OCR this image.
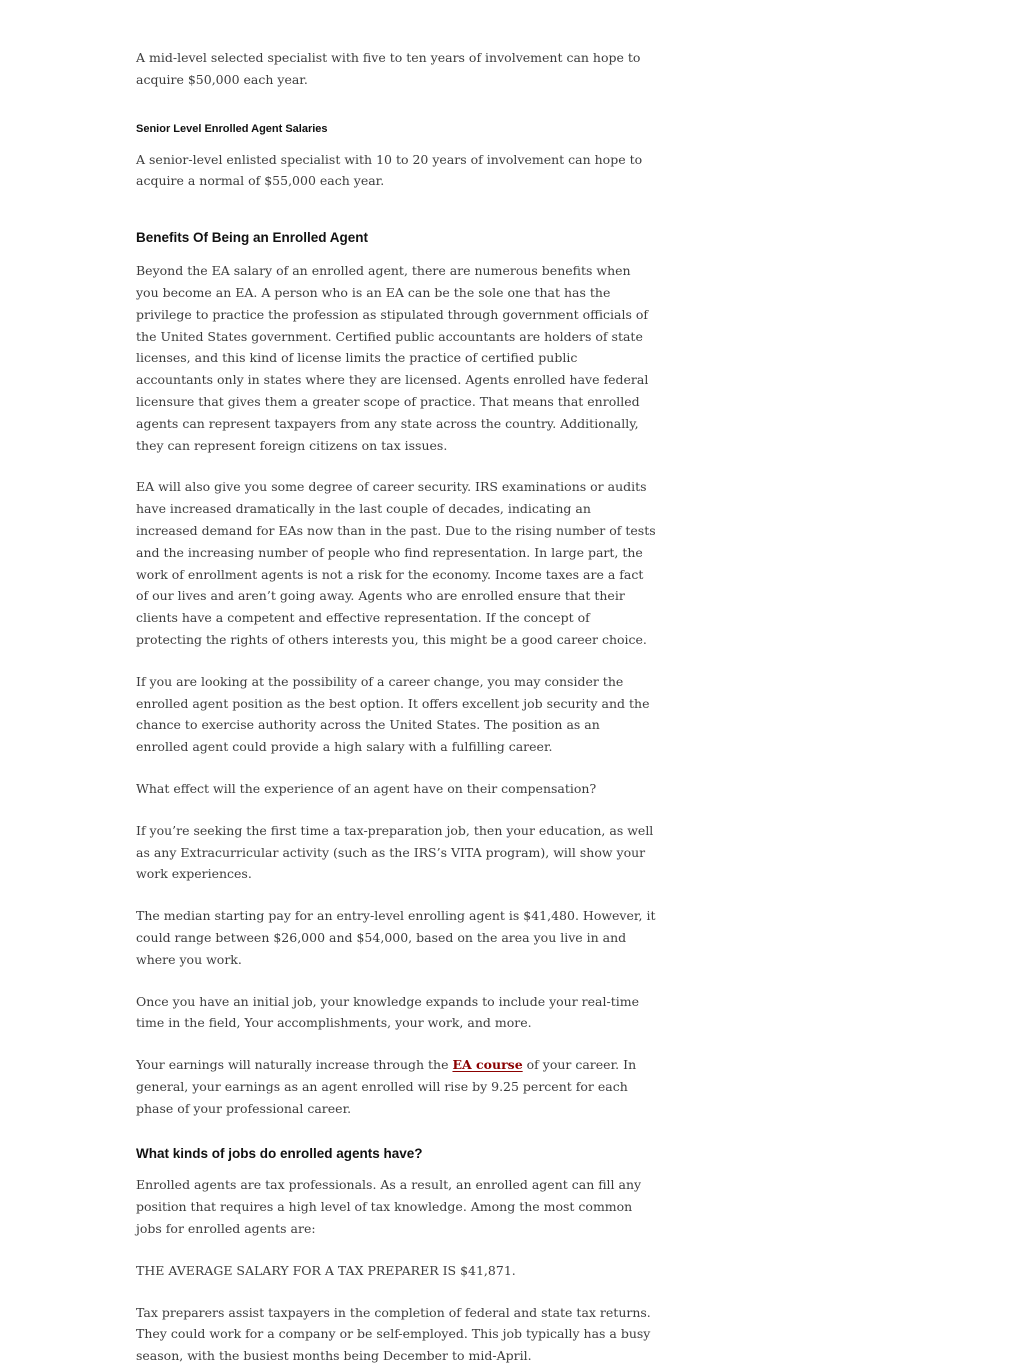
A mid-level selected specialist with five to ten years of involvement can hope to acquire $50,000 each year.

Senior Level Enrolled Agent Salaries

A senior-level enlisted specialist with 10 to 20 years of involvement can hope to acquire a normal of $55,000 each year.

Benefits Of Being an Enrolled Agent

Beyond the EA salary of an enrolled agent, there are numerous benefits when you become an EA. A person who is an EA can be the sole one that has the privilege to practice the profession as stipulated through government officials of the United States government. Certified public accountants are holders of state licenses, and this kind of license limits the practice of certified public accountants only in states where they are licensed. Agents enrolled have federal licensure that gives them a greater scope of practice. That means that enrolled agents can represent taxpayers from any state across the country. Additionally, they can represent foreign citizens on tax issues.

EA will also give you some degree of career security. IRS examinations or audits have increased dramatically in the last couple of decades, indicating an increased demand for EAs now than in the past. Due to the rising number of tests and the increasing number of people who find representation. In large part, the work of enrollment agents is not a risk for the economy. Income taxes are a fact of our lives and aren’t going away. Agents who are enrolled ensure that their clients have a competent and effective representation. If the concept of protecting the rights of others interests you, this might be a good career choice.

If you are looking at the possibility of a career change, you may consider the enrolled agent position as the best option. It offers excellent job security and the chance to exercise authority across the United States. The position as an enrolled agent could provide a high salary with a fulfilling career.

What effect will the experience of an agent have on their compensation?

If you’re seeking the first time a tax-preparation job, then your education, as well as any Extracurricular activity (such as the IRS’s VITA program), will show your work experiences.

The median starting pay for an entry-level enrolling agent is $41,480. However, it could range between $26,000 and $54,000, based on the area you live in and where you work.

Once you have an initial job, your knowledge expands to include your real-time time in the field, Your accomplishments, your work, and more.

Your earnings will naturally increase through the EA course of your career. In general, your earnings as an agent enrolled will rise by 9.25 percent for each phase of your professional career.

What kinds of jobs do enrolled agents have?

Enrolled agents are tax professionals. As a result, an enrolled agent can fill any position that requires a high level of tax knowledge. Among the most common jobs for enrolled agents are:

THE AVERAGE SALARY FOR A TAX PREPARER IS $41,871.

Tax preparers assist taxpayers in the completion of federal and state tax returns. They could work for a company or be self-employed. This job typically has a busy season, with the busiest months being December to mid-April.
